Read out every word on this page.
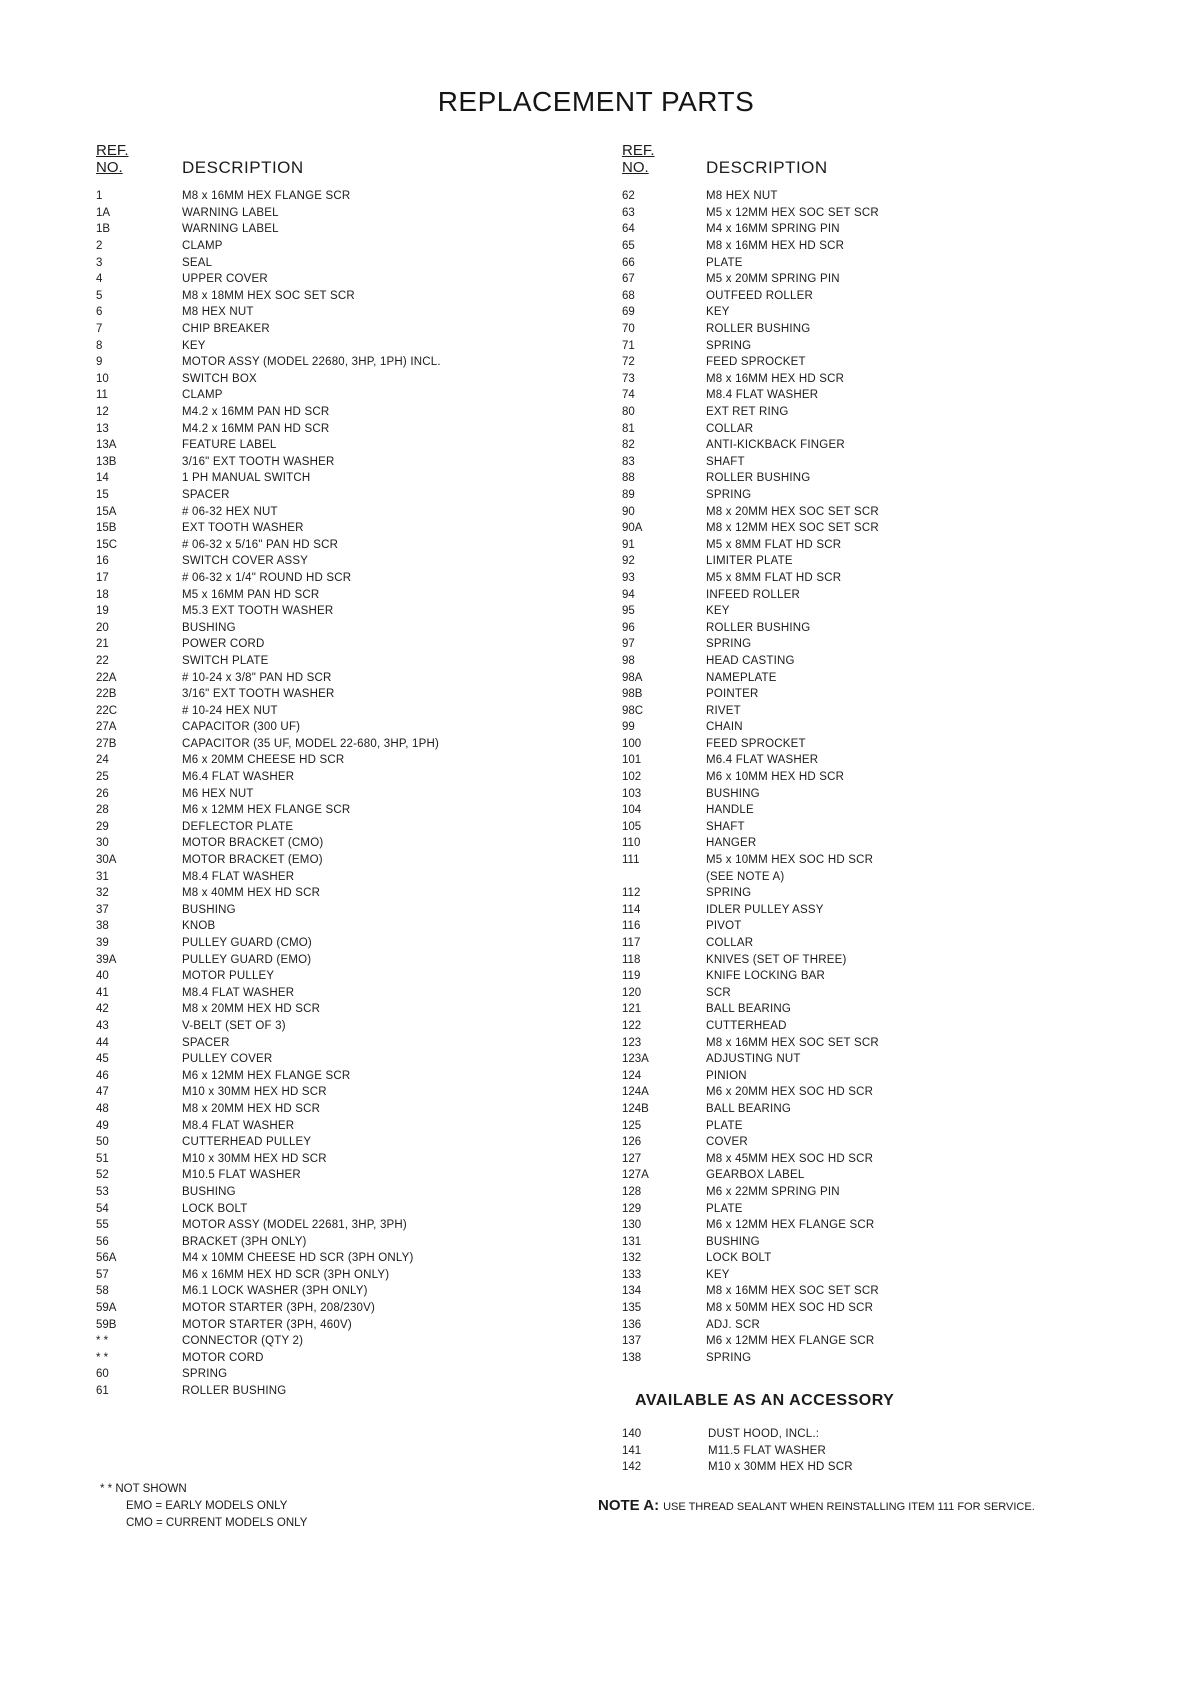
REPLACEMENT PARTS
REF.
NO.	DESCRIPTION
1	M8 x 16MM HEX FLANGE SCR
1A	WARNING LABEL
1B	WARNING LABEL
2	CLAMP
3	SEAL
4	UPPER COVER
5	M8 x 18MM HEX SOC SET SCR
6	M8 HEX NUT
7	CHIP BREAKER
8	KEY
9	MOTOR ASSY (MODEL 22680, 3HP, 1PH) INCL.
10	SWITCH BOX
11	CLAMP
12	M4.2 x 16MM PAN HD SCR
13	M4.2 x 16MM PAN HD SCR
13A	FEATURE LABEL
13B	3/16" EXT TOOTH WASHER
14	1 PH MANUAL SWITCH
15	SPACER
15A	# 06-32 HEX NUT
15B	EXT TOOTH WASHER
15C	# 06-32 x 5/16" PAN HD SCR
16	SWITCH COVER ASSY
17	# 06-32 x 1/4" ROUND HD SCR
18	M5 x 16MM PAN HD SCR
19	M5.3 EXT TOOTH WASHER
20	BUSHING
21	POWER CORD
22	SWITCH PLATE
22A	# 10-24 x 3/8" PAN HD SCR
22B	3/16" EXT TOOTH WASHER
22C	# 10-24 HEX NUT
27A	CAPACITOR (300 UF)
27B	CAPACITOR (35 UF, MODEL 22-680, 3HP, 1PH)
24	M6 x 20MM CHEESE HD SCR
25	M6.4 FLAT WASHER
26	M6 HEX NUT
28	M6 x 12MM HEX FLANGE SCR
29	DEFLECTOR PLATE
30	MOTOR BRACKET (CMO)
30A	MOTOR BRACKET (EMO)
31	M8.4 FLAT WASHER
32	M8 x 40MM HEX HD SCR
37	BUSHING
38	KNOB
39	PULLEY GUARD (CMO)
39A	PULLEY GUARD (EMO)
40	MOTOR PULLEY
41	M8.4 FLAT WASHER
42	M8 x 20MM HEX HD SCR
43	V-BELT (SET OF 3)
44	SPACER
45	PULLEY COVER
46	M6 x 12MM HEX FLANGE SCR
47	M10 x 30MM HEX HD SCR
48	M8 x 20MM HEX HD SCR
49	M8.4 FLAT WASHER
50	CUTTERHEAD PULLEY
51	M10 x 30MM HEX HD SCR
52	M10.5 FLAT WASHER
53	BUSHING
54	LOCK BOLT
55	MOTOR ASSY (MODEL 22681, 3HP, 3PH)
56	BRACKET (3PH ONLY)
56A	M4 x 10MM CHEESE HD SCR (3PH ONLY)
57	M6 x 16MM HEX HD SCR (3PH ONLY)
58	M6.1 LOCK WASHER (3PH ONLY)
59A	MOTOR STARTER (3PH, 208/230V)
59B	MOTOR STARTER (3PH, 460V)
* *	CONNECTOR (QTY 2)
* *	MOTOR CORD
60	SPRING
61	ROLLER BUSHING
REF.
NO.	DESCRIPTION
62	M8 HEX NUT
63	M5 x 12MM HEX SOC SET SCR
64	M4 x 16MM SPRING PIN
65	M8 x 16MM HEX HD SCR
66	PLATE
67	M5 x 20MM SPRING PIN
68	OUTFEED ROLLER
69	KEY
70	ROLLER BUSHING
71	SPRING
72	FEED SPROCKET
73	M8 x 16MM HEX HD SCR
74	M8.4 FLAT WASHER
80	EXT RET RING
81	COLLAR
82	ANTI-KICKBACK FINGER
83	SHAFT
88	ROLLER BUSHING
89	SPRING
90	M8 x 20MM HEX SOC SET SCR
90A	M8 x 12MM HEX SOC SET SCR
91	M5 x 8MM FLAT HD SCR
92	LIMITER PLATE
93	M5 x 8MM FLAT HD SCR
94	INFEED ROLLER
95	KEY
96	ROLLER BUSHING
97	SPRING
98	HEAD CASTING
98A	NAMEPLATE
98B	POINTER
98C	RIVET
99	CHAIN
100	FEED SPROCKET
101	M6.4 FLAT WASHER
102	M6 x 10MM HEX HD SCR
103	BUSHING
104	HANDLE
105	SHAFT
110	HANGER
111	M5 x 10MM HEX SOC HD SCR
(SEE NOTE A)
112	SPRING
114	IDLER PULLEY ASSY
116	PIVOT
117	COLLAR
118	KNIVES (SET OF THREE)
119	KNIFE LOCKING BAR
120	SCR
121	BALL BEARING
122	CUTTERHEAD
123	M8 x 16MM HEX SOC SET SCR
123A	ADJUSTING NUT
124	PINION
124A	M6 x 20MM HEX SOC HD SCR
124B	BALL BEARING
125	PLATE
126	COVER
127	M8 x 45MM HEX SOC HD SCR
127A	GEARBOX LABEL
128	M6 x 22MM SPRING PIN
129	PLATE
130	M6 x 12MM HEX FLANGE SCR
131	BUSHING
132	LOCK BOLT
133	KEY
134	M8 x 16MM HEX SOC SET SCR
135	M8 x 50MM HEX SOC HD SCR
136	ADJ. SCR
137	M6 x 12MM HEX FLANGE SCR
138	SPRING
AVAILABLE AS AN ACCESSORY
140	DUST HOOD, INCL.:
141	M11.5 FLAT WASHER
142	M10 x 30MM HEX HD SCR
* * NOT SHOWN
EMO = EARLY MODELS ONLY
CMO = CURRENT MODELS ONLY
NOTE A: USE THREAD SEALANT WHEN REINSTALLING ITEM 111 FOR SERVICE.
